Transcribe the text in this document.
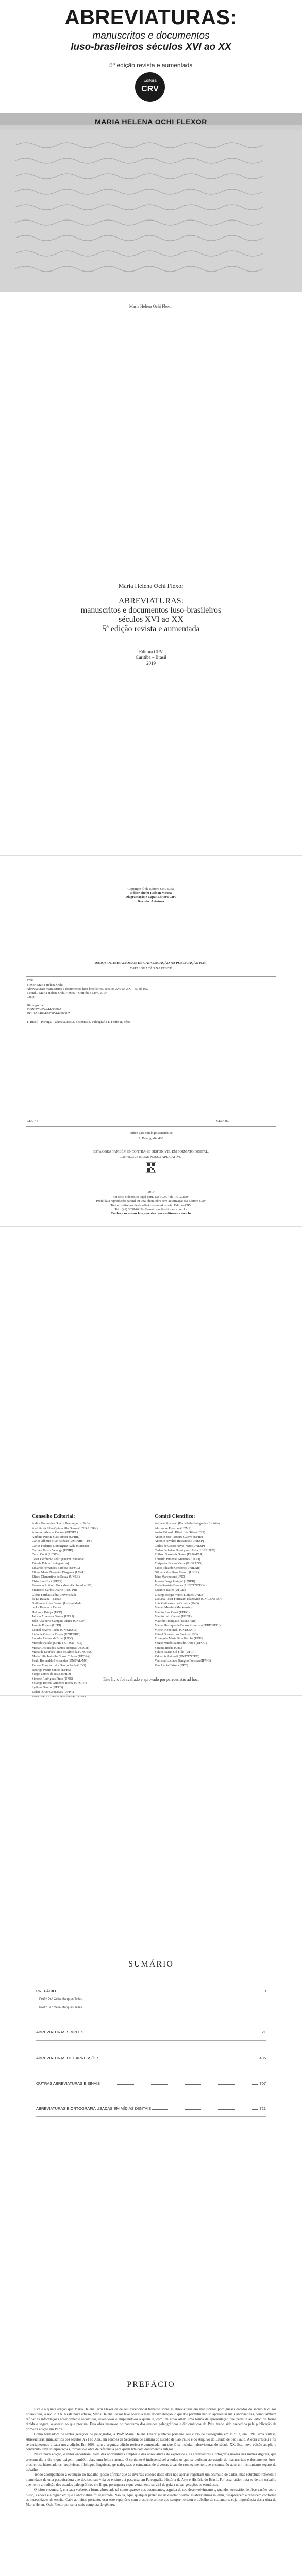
ABREVIATURAS:
manuscritos e documentos
luso-brasileiros séculos XVI ao XX
5ª edição revista e aumentada
Editora
CRV
MARIA HELENA OCHI FLEXOR
Maria Helena Ochi Flexor
Maria Helena Ochi Flexor
ABREVIATURAS:
manuscritos e documentos luso-brasileiros
séculos XVI ao XX
5ª edição revista e aumentada
Editora CRV
Curitiba – Brasil
2019
Copyright © da Editora CRV Ltda.
Editor-chefe: Railson Moura
Diagramação e Capa: Editora CRV
Revisão: A Autora
DADOS INTERNACIONAIS DE CATALOGAÇÃO NA PUBLICAÇÃO (CIP)
CATALOGAÇÃO NA FONTE
F592
Flexor, Maria Helena Ochi
Abreviaturas: manuscritos e documentos luso-brasileiros, séculos XVI ao XX. – 5. ed. rev.
e atual. / Maria Helena Ochi Flexor. – Curitiba : CRV, 2019.
736 p.

Bibliografia
ISBN 978-85-444-3088-7
DOI 10.24824/978854443088.7

1. Brasil - Portugal - abreviaturas 2. Sistemas 3. Paleografia I. Título II. Série
CDU 46	CDD 469
Índice para catálogo sistemático
1. Paleografia 400
ESTA OBRA TAMBÉM ENCONTRA-SE DISPONÍVEL EM FORMATO DIGITAL.
CONHEÇA E BAIXE NOSSO APLICATIVO!
2019
Foi feito o depósito legal conf. Lei 10.994 de 14/12/2004
Proibida a reprodução parcial ou total desta obra sem autorização da Editora CRV
Todos os direitos desta edição reservados pela: Editora CRV
Tel.: (41) 3039-6418 - E-mail: sac@editoracrv.com.br
Conheça os nossos lançamentos: www.editoracrv.com.br
Conselho Editorial:	Comitê Científico:
Aldira Guimarães Duarte Domínguez (UNB)
Andréia da Silva Quintanilha Sousa (UNIR/UFRN)
Anselmo Alencar Colares (UFOPA)
Antônio Pereira Gaio Júnior (UFRRJ)
Carlos Alberto Vilar Estêvão (UMINHO – PT)
Carlos Federico Dominguez Avila (Unieuro)
Carmen Tereza Velanga (UNIR)
Celso Conti (UFSCar)
Cesar Gerónimo Tello (Univer. Nacional
Três de Febrero – Argentina)
Eduardo Fernandes Barbosa (UFMG)
Elione Maria Nogueira Diogenes (UFAL)
Elizeu Clementino de Souza (UNEB)
Élsio José Corá (UFFS)
Fernando Antônio Gonçalves Alcoforado (IPB)
Francisco Carlos Duarte (PUC-PR)
Gloria Fariñas León (Universidade
de La Havana – Cuba)
Guillermo Arias Beatón (Universidade
de La Havana – Cuba)
Helmuth Krüger (UCP)
Jailson Alves dos Santos (UFRJ)
João Adalberto Campato Junior (UNESP)
Josania Portela (UFPI)
Leonel Severo Rocha (UNISINOS)
Lídia de Oliveira Xavier (UNIEURO)
Lourdes Helena da Silva (UFV)
Marcelo Paixão (UFRJ e UTexas – US)
Maria Cristina dos Santos Bezerra (UFSCar)
Maria de Lourdes Pinto de Almeida (UNOESC)
Maria Lília Imbiriba Sousa Colares (UFOPA)
Paulo Romualdo Hernandes (UNIFAL-MG)
Renato Francisco dos Santos Paula (UFG)
Rodrigo Pratte-Santos (UFES)
Sérgio Nunes de Jesus (IFRO)
Simone Rodrigues Pinto (UNB)
Solange Helena Ximenes-Rocha (UFOPA)
Sydione Santos (UEPG)
Tadeu Oliver Gonçalves (UFPA)
Tania Suely Azevedo Brasileiro (UFOPA)
Adriane Piovezan (Faculdades Integradas Espírita)
Alexandre Pierezan (UFMS)
Andre Eduardo Ribeiro da Silva (IFSP)
Antonio Jose Teixeira Guerra (UFRJ)
Antonio Nivaldo Hespanhol (UNESP)
Carlos de Castro Neves Neto (UNESP)
Carlos Federico Dominguez Avila (UNIEURO)
Edilson Soares de Souza (FABAPAR)
Eduardo Pimentel Menezes (UERJ)
Euripedes Falcao Vieira (IHGRRGS)
Fabio Eduardo Cressoni (UNILAB)
Gilmara Yoshihara Franco (UNIR)
Jairo Marchesan (UNC)
Jussara Fraga Portugal (UNEB)
Karla Rosário Brumes (UNICENTRO)
Leandro Baller (UFGD)
Licurgo Borges Winck Rafael (UNEB)
Luciana Rosar Fornazari Klanovicz (UNICENTRO)
Luiz Guilherme de Oliveira (UnB)
Marcel Mendes (Mackenzie)
Marcio Jose Ornat (UEPG)
Marcio Luiz Carreri (UENP)
Maurilio Rompatto (UNESPAR)
Mauro Henrique de Barros Amoroso (FEBF/UERJ)
Michel Kobelinski (UNESPAR)
Rafael Guarato dos Santos (UFG)
Rosangela Maria Silva Petuba (UFU)
Sergio Murilo Santos de Araujo (UFCG)
Simone Rocha (UnC)
Sylvio Fausto Gil Filho (UFPR)
Valdemir Antoneli (UNICENTRO)
Venilson Luciano Benigno Fonseca (IFMG)
Vera Lúcia Caixeta (UFT)
Este livro foi avaliado e aprovado por pareceristas ad hoc.
SUMÁRIO
PREFÁCIO	9
ABREVIATURAS SIMPLES	21
ABREVIATURAS DE EXPRESSÕES	435
OUTRAS ABREVIATURAS E SINAIS	707
ABREVIATURAS E ORTOGRAFIA USADAS EM MÍDIAS DIGITAIS	721
Prof.ª Dr.ª Célia Marques Telles
Prof.ª Dr.ª Célia Marques Telles
PREFÁCIO

Este é a quinta edição que Maria Helena Ochi Flexor dá de seu excepcional trabalho sobre as abreviaturas em manuscritos portugueses datados do século XVI aos nossos dias, o século XX. Nesta nova edição, Maria Helena Flexor teve acesso a mais documentação, o que lhe permitiu não só apresentar mais abreviaturas, como também refinar as informações anteriormente recolhidas, revendo-as e ampliando-as a quem lê, com um novo olhar, uma forma de apresentação que permite ao leitor, de forma rápida e segura, o acesso ao que procura. Esta obra insere-se no panorama dos estudos paleográficos e diplomáticos do País, tendo sido precedida pela publicação da primeira edição em 1979.

Como formadora de tantas gerações de paleógrafos, a Profª Maria Helena Flexor publicou primeiro seu curso de Paleografia em 1979 e, em 1991, uma síntese, Abreviaturas: manuscritos dos séculos XVI ao XIX, em edições da Secretaria de Cultura do Estado de São Paulo e do Arquivo do Estado de São Paulo. A obra cresceu e foi se enriquecendo a cada nova edição. Em 2008, saiu a segunda edição revista e aumentada, em que já se incluíam abreviaturas do século XX. Esta nova edição amplia o contributo, revê interpretações, tornando-a obra de referência para quem lida com documentos antigos.

Nesta nova edição, o leitor encontrará, além das abreviaturas simples e das abreviaturas de expressões, as abreviaturas e ortografia usadas nas mídias digitais, que crescem dia a dia e que exigem, também elas, uma leitura atenta. O conjunto é indispensável a todos os que se dedicam ao estudo de manuscritos e documentos luso-brasileiros: historiadores, arquivistas, filólogos, linguistas, genealogistas e estudantes de diversas áreas do conhecimento, que encontrarão aqui um instrumento seguro de trabalho.

Tendo acompanhado a evolução do trabalho, posso afirmar que as diversas edições desta obra não apenas registram um acúmulo de dados, mas sobretudo refletem a maturidade de uma pesquisadora que dedicou sua vida ao ensino e à pesquisa em Paleografia, História da Arte e História do Brasil. Por essa razão, trata-se de um trabalho que honra a tradição dos estudos paleográficos em língua portuguesa e que certamente servirá de guia a novas gerações de estudiosos.

O leitor encontrará, em cada verbete, a forma abreviada tal como aparece nos documentos, seguida do seu desenvolvimento e, quando necessário, de observações sobre o uso, a época e a região em que a abreviatura foi registrada. Não há, aqui, qualquer pretensão de esgotar o tema: as abreviaturas mudam, desaparecem e renascem conforme as necessidades da escrita. Cabe ao leitor, portanto, usar este repertório com o espírito crítico que sempre norteou o trabalho de sua autora, cuja importância desta obra de Maria Helena Ochi Flexor por ser a mais completa do gênero.
